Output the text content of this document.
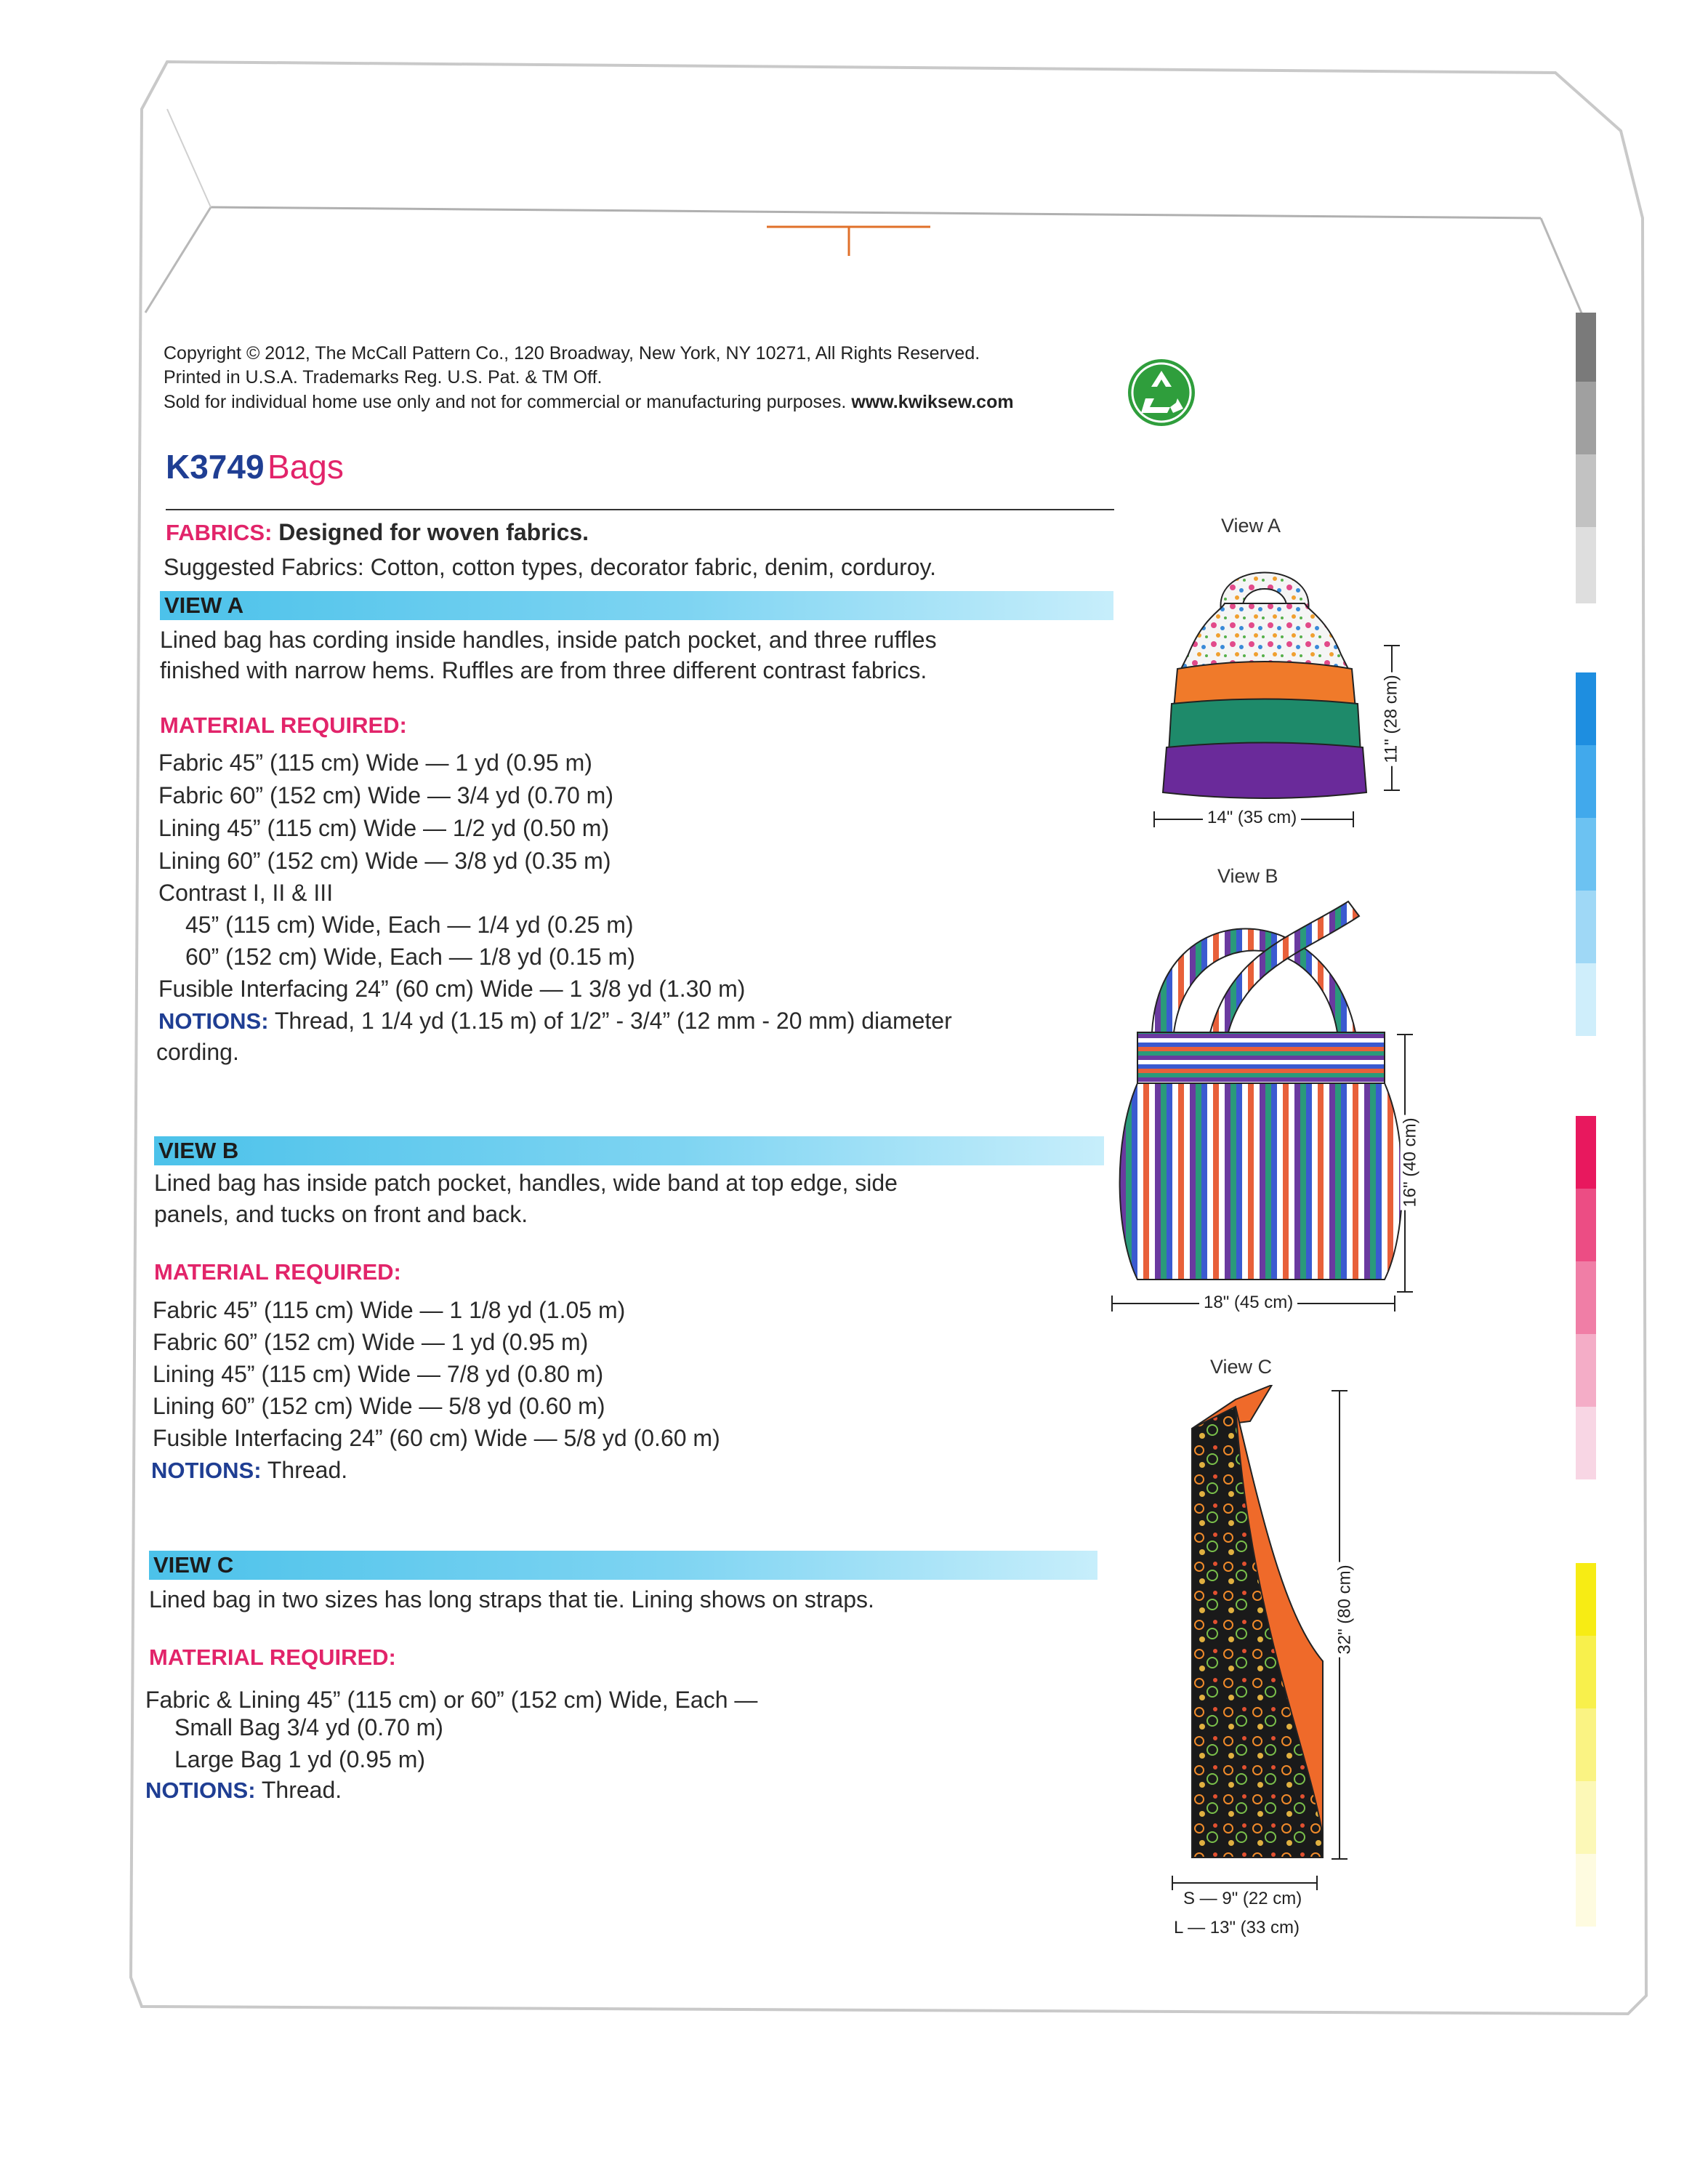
Copyright © 2012, The McCall Pattern Co., 120 Broadway, New York, NY 10271, All Rights Reserved.
Printed in U.S.A. Trademarks Reg. U.S. Pat. & TM Off.
Sold for individual home use only and not for commercial or manufacturing purposes. www.kwiksew.com
K3749 Bags
FABRICS: Designed for woven fabrics.
Suggested Fabrics: Cotton, cotton types, decorator fabric, denim, corduroy.
VIEW A
Lined bag has cording inside handles, inside patch pocket, and three ruffles
finished with narrow hems. Ruffles are from three different contrast fabrics.
MATERIAL REQUIRED:
Fabric 45” (115 cm) Wide — 1 yd (0.95 m)
Fabric 60” (152 cm) Wide — 3/4 yd (0.70 m)
Lining 45” (115 cm) Wide — 1/2 yd (0.50 m)
Lining 60” (152 cm) Wide — 3/8 yd (0.35 m)
Contrast I, II & III
45” (115 cm) Wide, Each — 1/4 yd (0.25 m)
60” (152 cm) Wide, Each — 1/8 yd (0.15 m)
Fusible Interfacing 24” (60 cm) Wide — 1 3/8 yd (1.30 m)
NOTIONS: Thread, 1 1/4 yd (1.15 m) of 1/2” - 3/4” (12 mm - 20 mm) diameter
cording.
VIEW B
Lined bag has inside patch pocket, handles, wide band at top edge, side
panels, and tucks on front and back.
MATERIAL REQUIRED:
Fabric 45” (115 cm) Wide — 1 1/8 yd (1.05 m)
Fabric 60” (152 cm) Wide — 1 yd (0.95 m)
Lining 45” (115 cm) Wide — 7/8 yd (0.80 m)
Lining 60” (152 cm) Wide — 5/8 yd (0.60 m)
Fusible Interfacing 24” (60 cm) Wide — 5/8 yd (0.60 m)
NOTIONS: Thread.
VIEW C
Lined bag in two sizes has long straps that tie. Lining shows on straps.
MATERIAL REQUIRED:
Fabric & Lining 45” (115 cm) or 60” (152 cm) Wide, Each —
Small Bag 3/4 yd (0.70 m)
Large Bag 1 yd (0.95 m)
NOTIONS: Thread.
View A
11" (28 cm)
14" (35 cm)
View B
16" (40 cm)
18" (45 cm)
View C
32" (80 cm)
S — 9" (22 cm)
L — 13" (33 cm)
